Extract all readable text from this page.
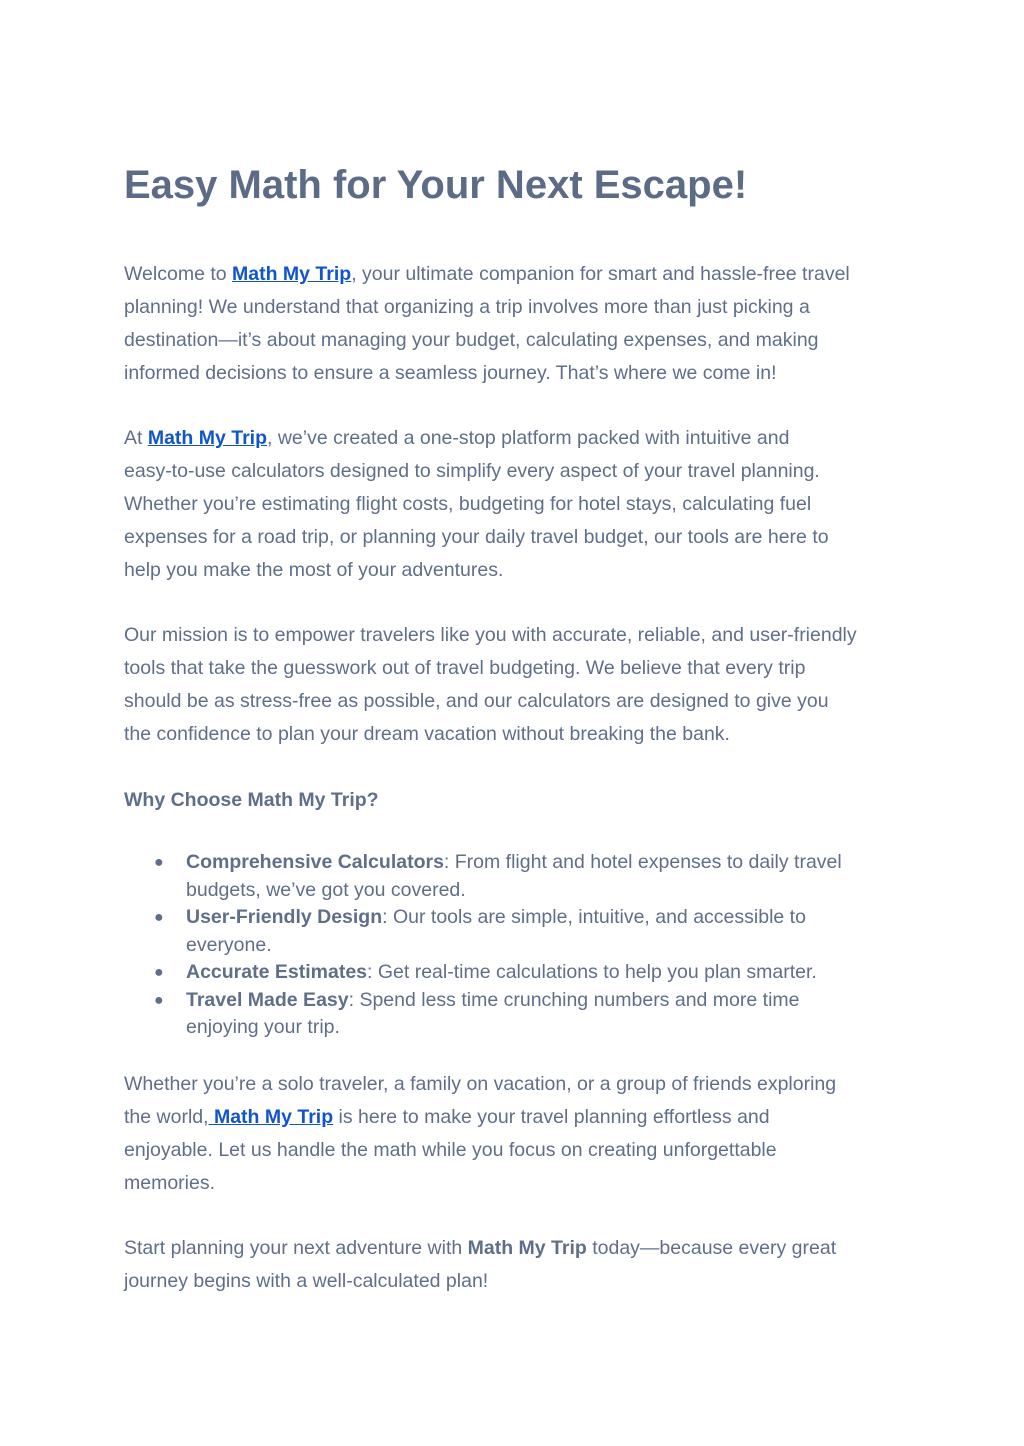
Easy Math for Your Next Escape!

Welcome to Math My Trip, your ultimate companion for smart and hassle-free travel
planning! We understand that organizing a trip involves more than just picking a
destination—it’s about managing your budget, calculating expenses, and making
informed decisions to ensure a seamless journey. That’s where we come in!

At Math My Trip, we’ve created a one-stop platform packed with intuitive and
easy-to-use calculators designed to simplify every aspect of your travel planning.
Whether you’re estimating flight costs, budgeting for hotel stays, calculating fuel
expenses for a road trip, or planning your daily travel budget, our tools are here to
help you make the most of your adventures.

Our mission is to empower travelers like you with accurate, reliable, and user-friendly
tools that take the guesswork out of travel budgeting. We believe that every trip
should be as stress-free as possible, and our calculators are designed to give you
the confidence to plan your dream vacation without breaking the bank.

Why Choose Math My Trip?
● Comprehensive Calculators: From flight and hotel expenses to daily travel
budgets, we’ve got you covered.
● User-Friendly Design: Our tools are simple, intuitive, and accessible to
everyone.
● Accurate Estimates: Get real-time calculations to help you plan smarter.
● Travel Made Easy: Spend less time crunching numbers and more time
enjoying your trip.

Whether you’re a solo traveler, a family on vacation, or a group of friends exploring
the world, Math My Trip is here to make your travel planning effortless and
enjoyable. Let us handle the math while you focus on creating unforgettable
memories.

Start planning your next adventure with Math My Trip today—because every great
journey begins with a well-calculated plan!
